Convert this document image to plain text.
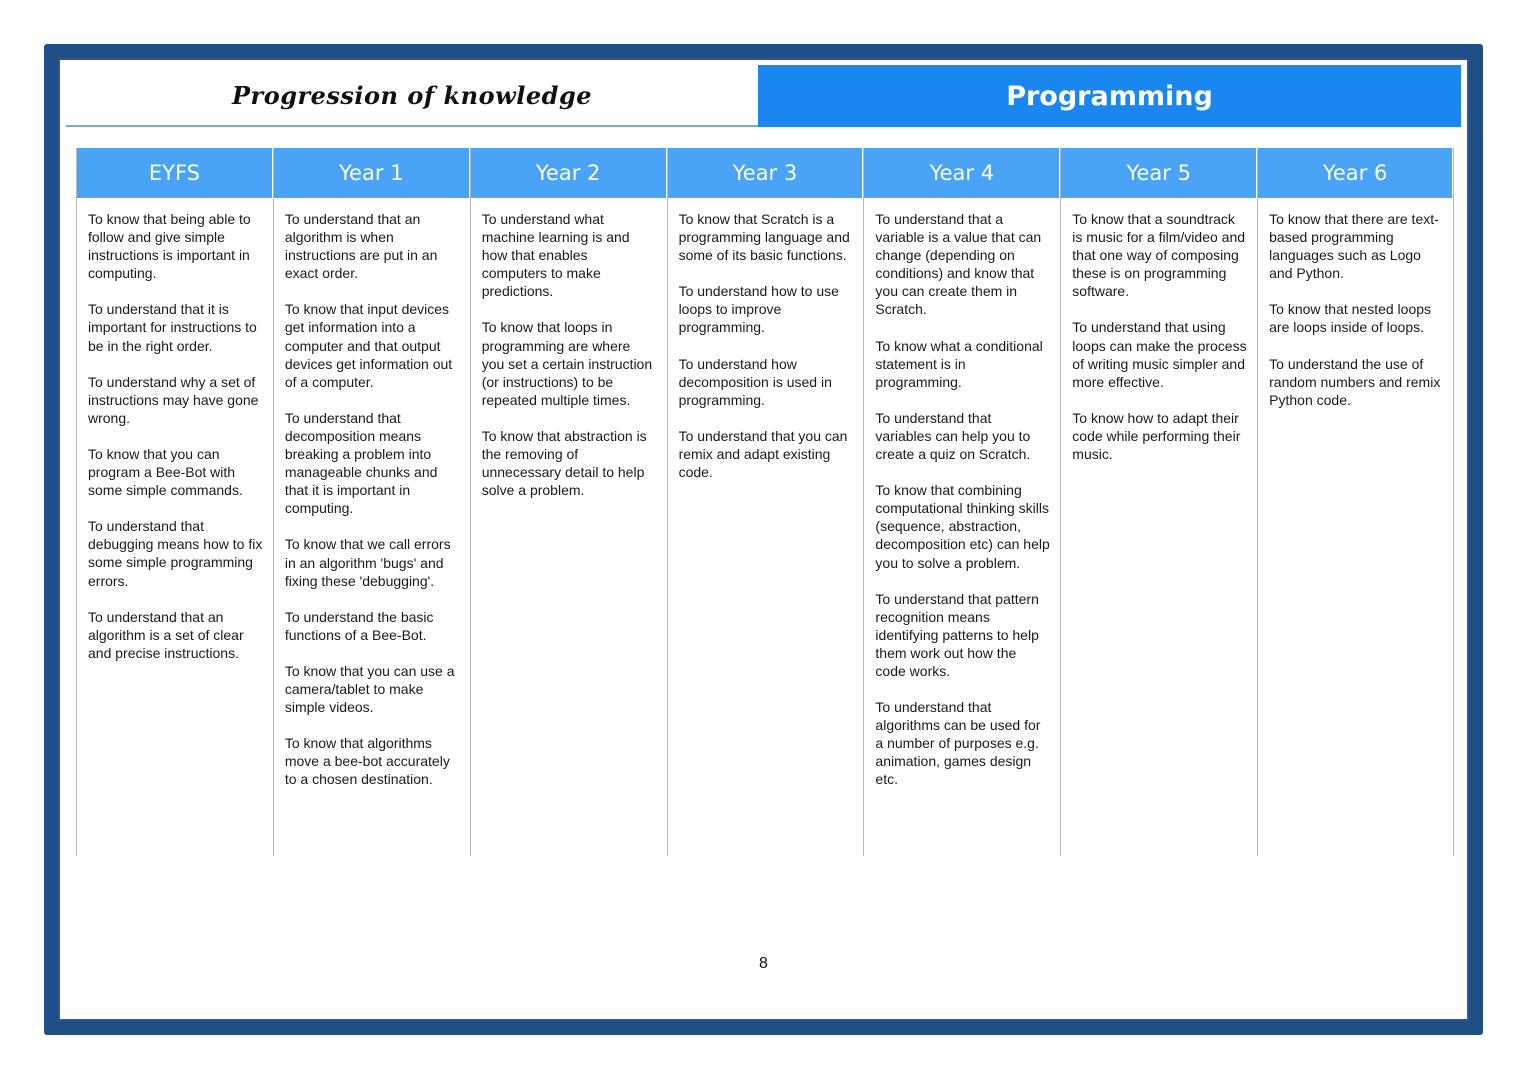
Progression of knowledge	Programming
EYFS

To know that being able to follow and give simple instructions is important in computing.

To understand that it is important for instructions to be in the right order.

To understand why a set of instructions may have gone wrong.

To know that you can program a Bee-Bot with some simple commands.

To understand that debugging means how to fix some simple programming errors.

To understand that an algorithm is a set of clear and precise instructions.

Year 1

To understand that an algorithm is when instructions are put in an exact order.

To know that input devices get information into a computer and that output devices get information out of a computer.

To understand that decomposition means breaking a problem into manageable chunks and that it is important in computing.

To know that we call errors in an algorithm 'bugs' and fixing these 'debugging'.

To understand the basic functions of a Bee-Bot.

To know that you can use a camera/tablet to make simple videos.

To know that algorithms move a bee-bot accurately to a chosen destination.

Year 2

To understand what machine learning is and how that enables computers to make predictions.

To know that loops in programming are where you set a certain instruction (or instructions) to be repeated multiple times.

To know that abstraction is the removing of unnecessary detail to help solve a problem.

Year 3

To know that Scratch is a programming language and some of its basic functions.

To understand how to use loops to improve programming.

To understand how decomposition is used in programming.

To understand that you can remix and adapt existing code.

Year 4

To understand that a variable is a value that can change (depending on conditions) and know that you can create them in Scratch.

To know what a conditional statement is in programming.

To understand that variables can help you to create a quiz on Scratch.

To know that combining computational thinking skills (sequence, abstraction, decomposition etc) can help you to solve a problem.

To understand that pattern recognition means identifying patterns to help them work out how the code works.

To understand that algorithms can be used for a number of purposes e.g. animation, games design etc.

Year 5

To know that a soundtrack is music for a film/video and that one way of composing these is on programming software.

To understand that using loops can make the process of writing music simpler and more effective.

To know how to adapt their code while performing their music.

Year 6

To know that there are text-based programming languages such as Logo and Python.

To know that nested loops are loops inside of loops.

To understand the use of random numbers and remix Python code.

8
